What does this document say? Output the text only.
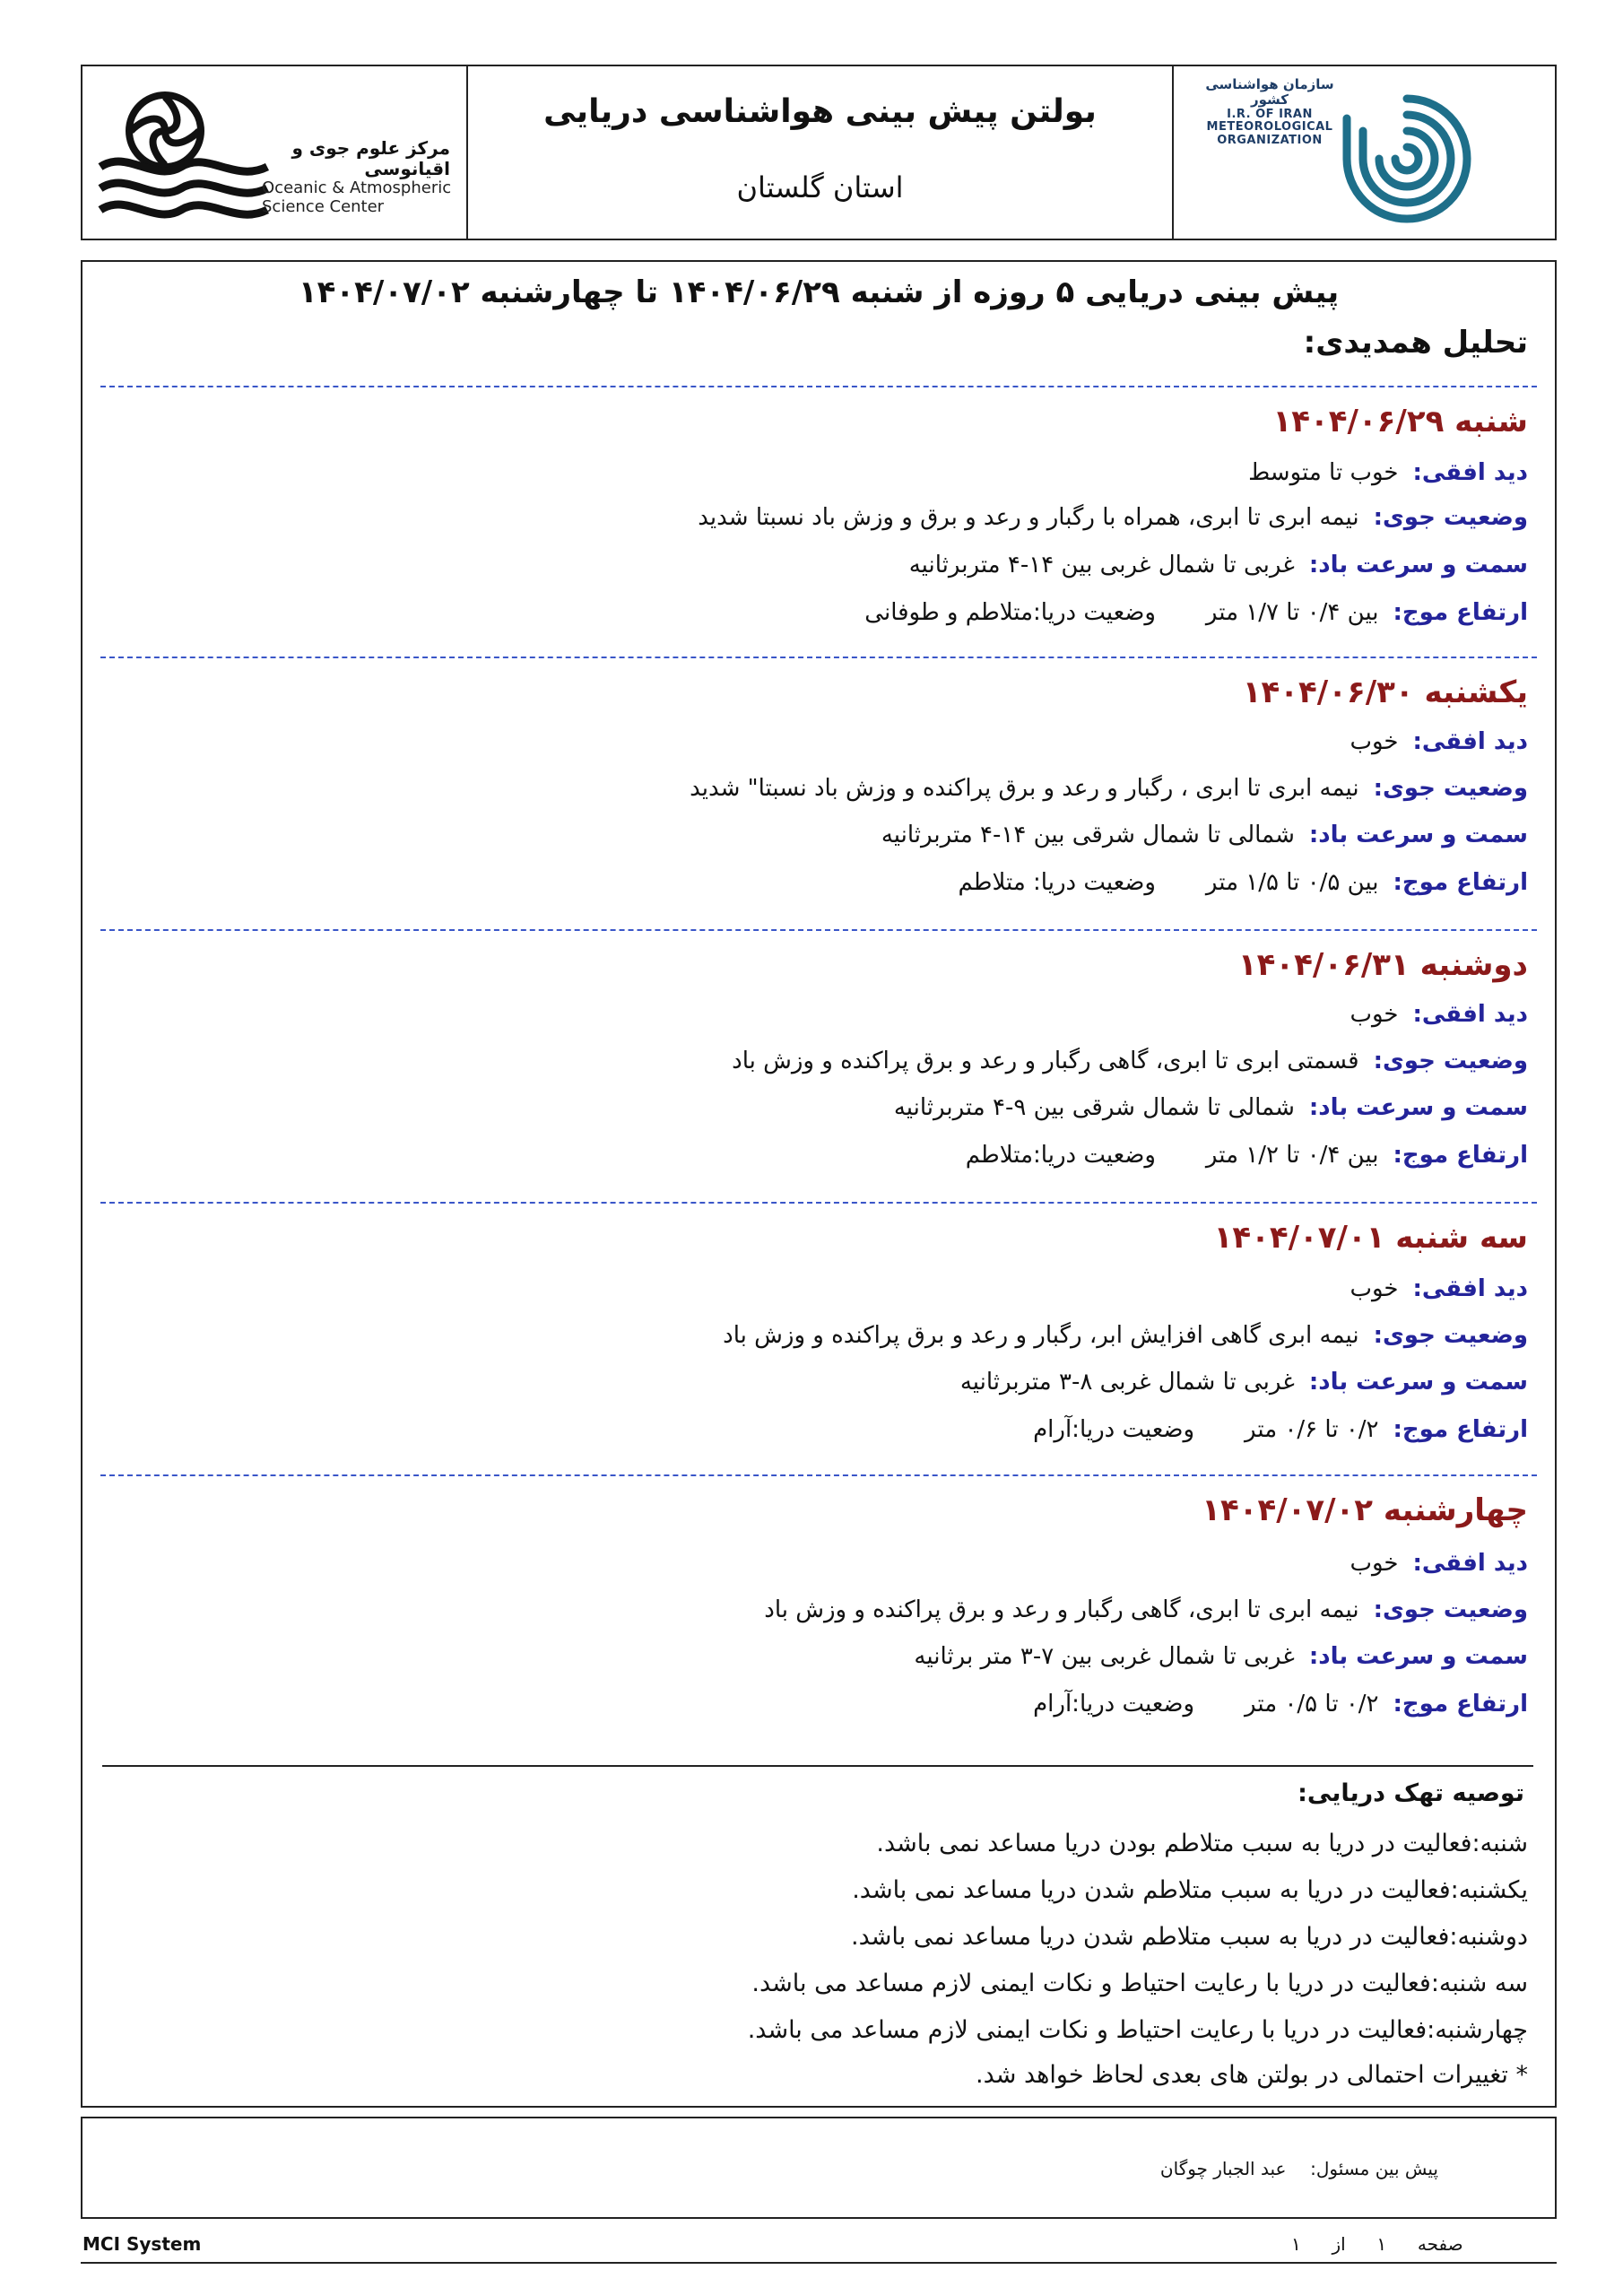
مرکز علوم جوی و اقیانوسی
Oceanic & Atmospheric
Science Center
بولتن پیش بینی هواشناسی دریایی
استان گلستان
سازمان هواشناسی کشور
I.R. OF IRAN
METEOROLOGICAL
ORGANIZATION
پیش بینی دریایی ۵ روزه از شنبه ۱۴۰۴/۰۶/۲۹ تا چهارشنبه ۱۴۰۴/۰۷/۰۲
تحلیل همدیدی:
شنبه ۱۴۰۴/۰۶/۲۹
دید افقی:خوب تا متوسط
وضعیت جوی:نیمه ابری تا ابری، همراه با رگبار و رعد و برق و وزش باد نسبتا شدید
سمت و سرعت باد:غربی تا شمال غربی بین ۱۴-۴ متربرثانیه
ارتفاع موج:بین ۰/۴ تا ۱/۷ متروضعیت دریا:متلاطم و طوفانی
یکشنبه ۱۴۰۴/۰۶/۳۰
دید افقی:خوب
وضعیت جوی:نیمه ابری تا ابری ، رگبار و رعد و برق پراکنده و وزش باد نسبتا" شدید
سمت و سرعت باد:شمالی تا شمال شرقی بین ۱۴-۴ متربرثانیه
ارتفاع موج:بین ۰/۵ تا ۱/۵ متروضعیت دریا: متلاطم
دوشنبه ۱۴۰۴/۰۶/۳۱
دید افقی:خوب
وضعیت جوی:قسمتی ابری تا ابری، گاهی رگبار و رعد و برق پراکنده و وزش باد
سمت و سرعت باد:شمالی تا شمال شرقی بین ۹-۴ متربرثانیه
ارتفاع موج:بین ۰/۴ تا ۱/۲ متروضعیت دریا:متلاطم
سه شنبه ۱۴۰۴/۰۷/۰۱
دید افقی:خوب
وضعیت جوی:نیمه ابری گاهی افزایش ابر، رگبار و رعد و برق پراکنده و وزش باد
سمت و سرعت باد:غربی تا شمال غربی ۸-۳ متربرثانیه
ارتفاع موج:۰/۲ تا ۰/۶ متروضعیت دریا:آرام
چهارشنبه ۱۴۰۴/۰۷/۰۲
دید افقی:خوب
وضعیت جوی:نیمه ابری تا ابری، گاهی رگبار و رعد و برق پراکنده و وزش باد
سمت و سرعت باد:غربی تا شمال غربی بین ۷-۳ متر برثانیه
ارتفاع موج:۰/۲ تا ۰/۵ متروضعیت دریا:آرام
توصیه تهک دریایی:
شنبه:فعالیت در دریا به سبب متلاطم بودن دریا مساعد نمی باشد.
یکشنبه:فعالیت در دریا به سبب متلاطم شدن دریا مساعد نمی باشد.
دوشنبه:فعالیت در دریا به سبب متلاطم شدن دریا مساعد نمی باشد.
سه شنبه:فعالیت در دریا با رعایت احتیاط و نکات ایمنی لازم مساعد می باشد.
چهارشنبه:فعالیت در دریا با رعایت احتیاط و نکات ایمنی لازم مساعد می باشد.
* تغییرات احتمالی در بولتن های بعدی لحاظ خواهد شد.
پیش بین مسئول:  عبد الجبار چوگان
MCI System	صفحه  ۱  از  ۱
